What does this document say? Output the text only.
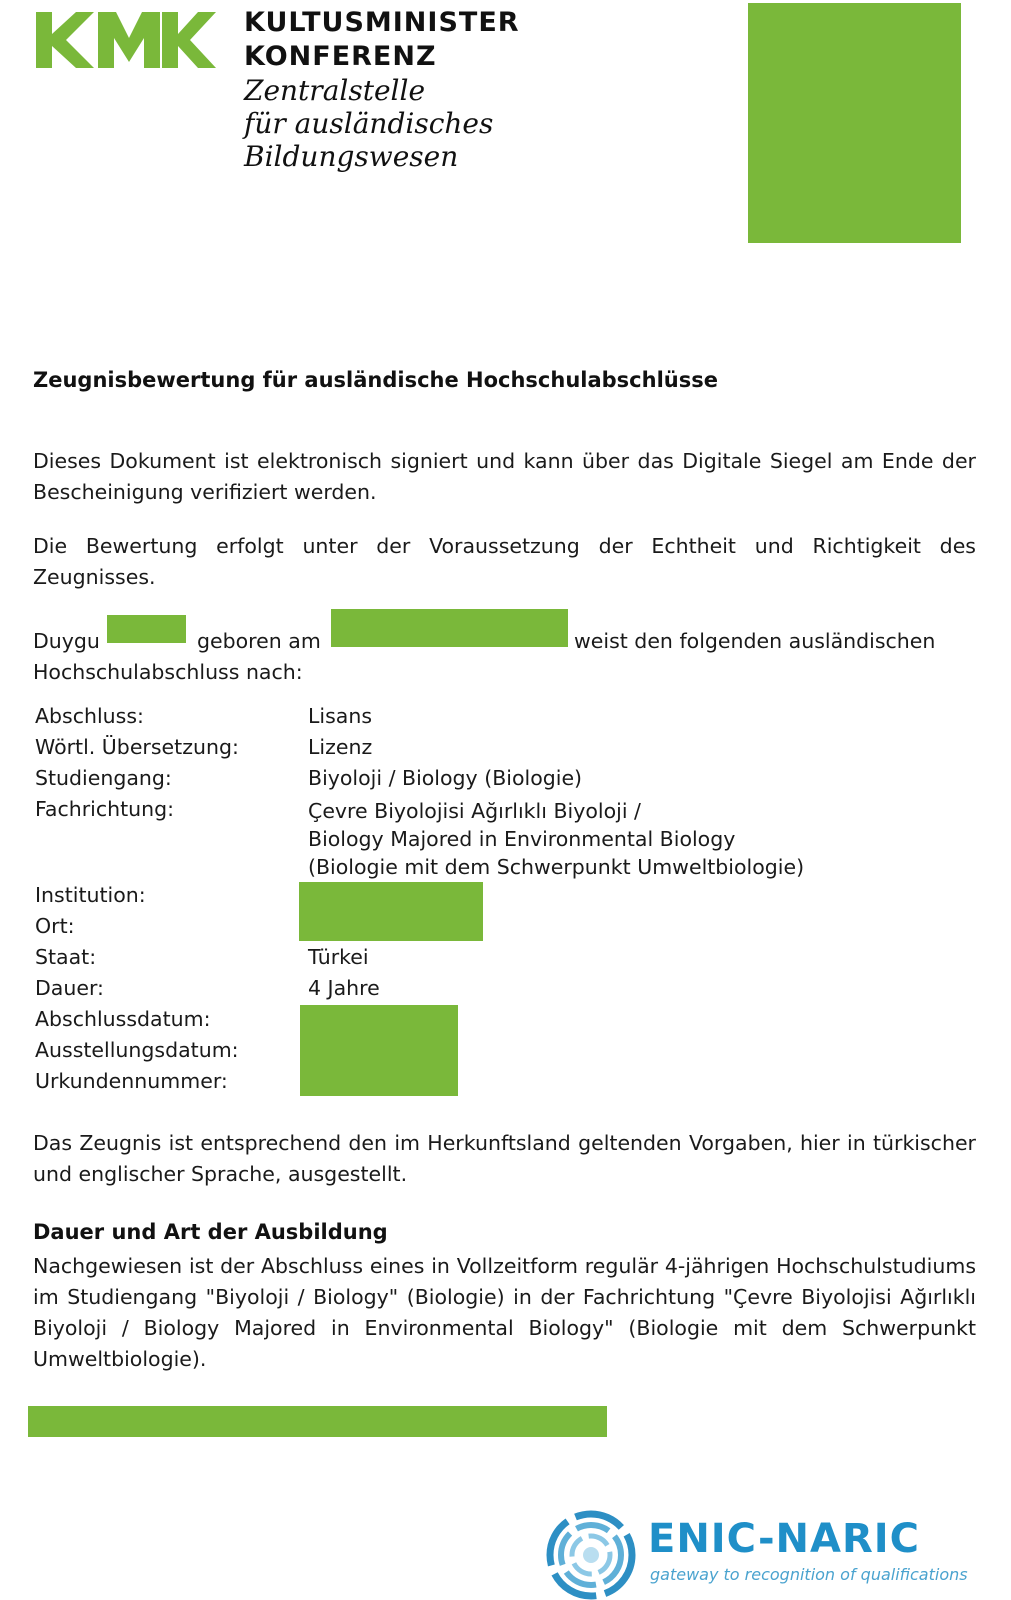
KULTUSMINISTER
KONFERENZ
Zentralstelle
für ausländisches
Bildungswesen
Zeugnisbewertung für ausländische Hochschulabschlüsse
Dieses Dokument ist elektronisch signiert und kann über das Digitale Siegel am Ende der Bescheinigung verifiziert werden.
Die Bewertung erfolgt unter der Voraussetzung der Echtheit und Richtigkeit des Zeugnisses.
Duygu	geboren am	weist den folgenden ausländischen
Hochschulabschluss nach:
Abschluss:
Wörtl. Übersetzung:
Studiengang:
Fachrichtung:
Institution:
Ort:
Staat:
Dauer:
Abschlussdatum:
Ausstellungsdatum:
Urkundennummer:
Lisans
Lizenz
Biyoloji / Biology (Biologie)
Çevre Biyolojisi Ağırlıklı Biyoloji /
Biology Majored in Environmental Biology
(Biologie mit dem Schwerpunkt Umweltbiologie)
Türkei
4 Jahre
Das Zeugnis ist entsprechend den im Herkunftsland geltenden Vorgaben, hier in türkischer und englischer Sprache, ausgestellt.
Dauer und Art der Ausbildung
Nachgewiesen ist der Abschluss eines in Vollzeitform regulär 4-jährigen Hochschulstudiums im Studiengang "Biyoloji / Biology" (Biologie) in der Fachrichtung "Çevre Biyolojisi Ağırlıklı Biyoloji / Biology Majored in Environmental Biology" (Biologie mit dem Schwerpunkt Umweltbiologie).
ENIC-NARIC
gateway to recognition of qualifications
